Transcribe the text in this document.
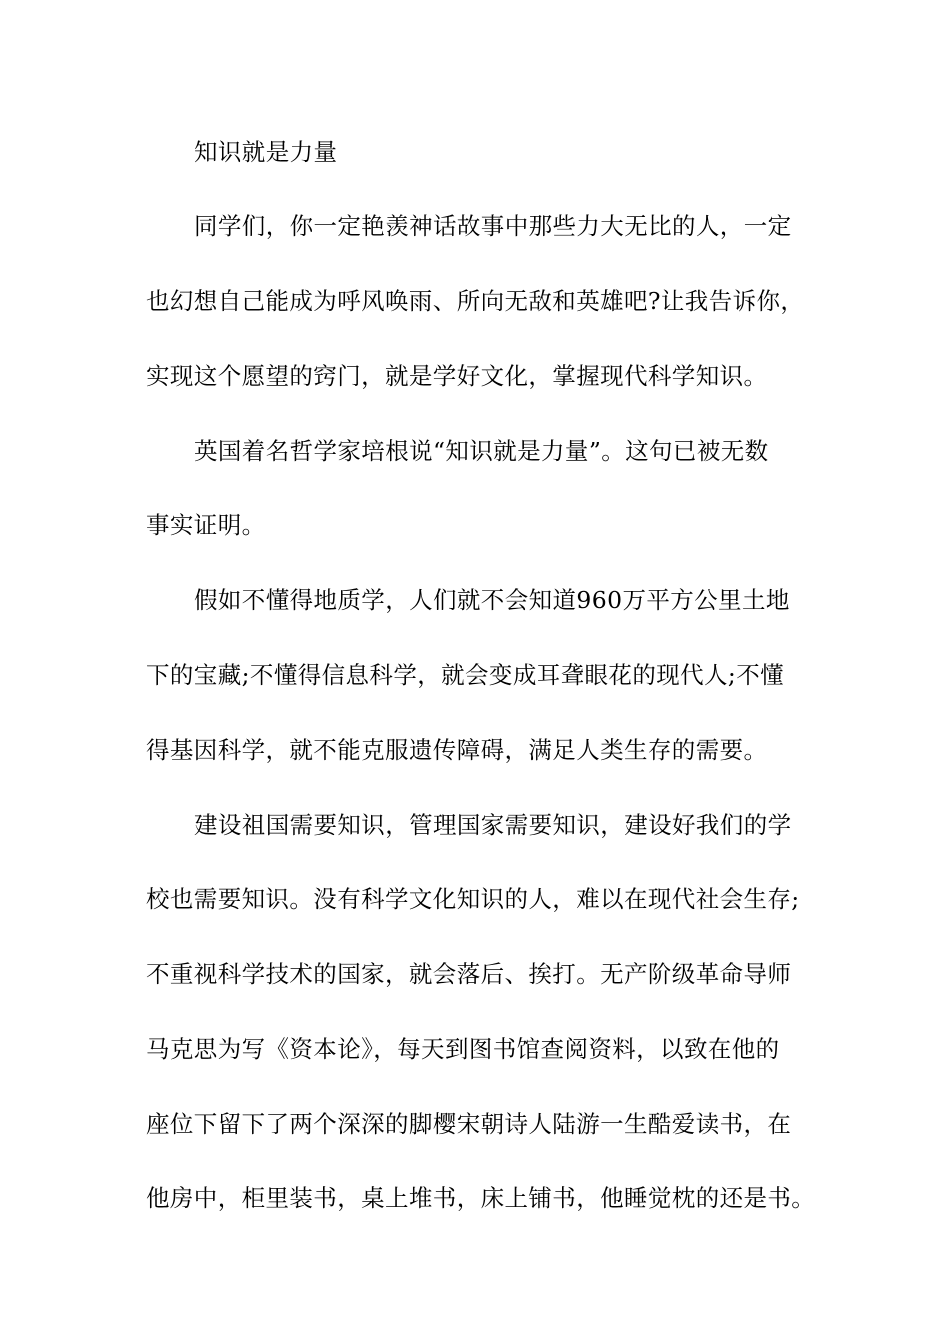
知识就是力量
同学们，你一定艳羡神话故事中那些力大无比的人，一定
也幻想自己能成为呼风唤雨、所向无敌和英雄吧?让我告诉你，
实现这个愿望的窍门，就是学好文化，掌握现代科学知识。
英国着名哲学家培根说“知识就是力量”。这句已被无数
事实证明。
假如不懂得地质学，人们就不会知道960万平方公里土地
下的宝藏;不懂得信息科学，就会变成耳聋眼花的现代人;不懂
得基因科学，就不能克服遗传障碍，满足人类生存的需要。
建设祖国需要知识，管理国家需要知识，建设好我们的学
校也需要知识。没有科学文化知识的人，难以在现代社会生存;
不重视科学技术的国家，就会落后、挨打。无产阶级革命导师
马克思为写《资本论》，每天到图书馆查阅资料，以致在他的
座位下留下了两个深深的脚樱宋朝诗人陆游一生酷爱读书，在
他房中，柜里装书，桌上堆书，床上铺书，他睡觉枕的还是书。
